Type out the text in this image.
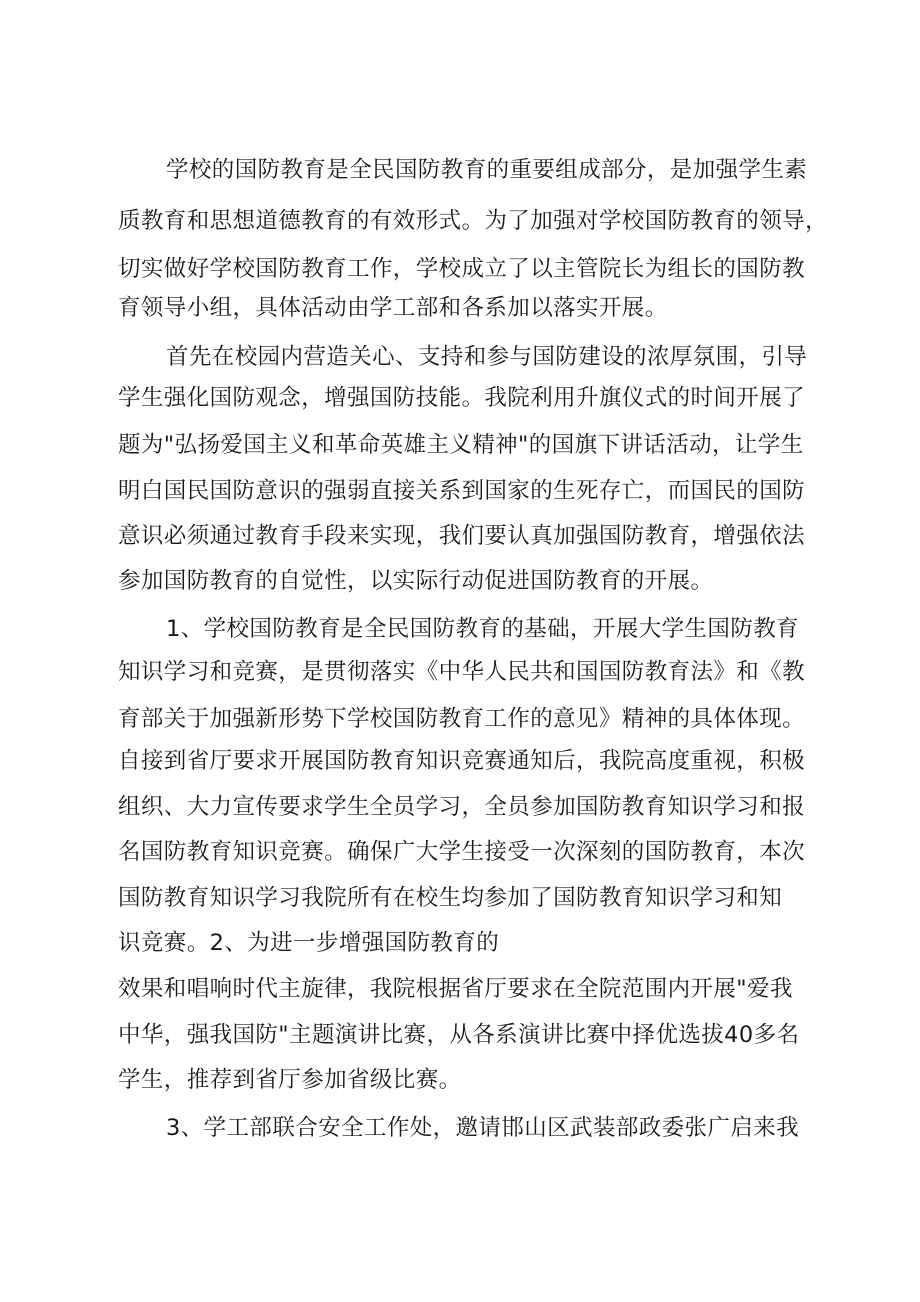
学校的国防教育是全民国防教育的重要组成部分，是加强学生素
质教育和思想道德教育的有效形式。为了加强对学校国防教育的领导，
切实做好学校国防教育工作，学校成立了以主管院长为组长的国防教
育领导小组，具体活动由学工部和各系加以落实开展。
首先在校园内营造关心、支持和参与国防建设的浓厚氛围，引导
学生强化国防观念，增强国防技能。我院利用升旗仪式的时间开展了
题为"弘扬爱国主义和革命英雄主义精神"的国旗下讲话活动，让学生
明白国民国防意识的强弱直接关系到国家的生死存亡，而国民的国防
意识必须通过教育手段来实现，我们要认真加强国防教育，增强依法
参加国防教育的自觉性，以实际行动促进国防教育的开展。
1、学校国防教育是全民国防教育的基础，开展大学生国防教育
知识学习和竞赛，是贯彻落实《中华人民共和国国防教育法》和《教
育部关于加强新形势下学校国防教育工作的意见》精神的具体体现。
自接到省厅要求开展国防教育知识竞赛通知后，我院高度重视，积极
组织、大力宣传要求学生全员学习，全员参加国防教育知识学习和报
名国防教育知识竞赛。确保广大学生接受一次深刻的国防教育，本次
国防教育知识学习我院所有在校生均参加了国防教育知识学习和知
识竞赛。2、为进一步增强国防教育的
效果和唱响时代主旋律，我院根据省厅要求在全院范围内开展"爱我
中华，强我国防"主题演讲比赛，从各系演讲比赛中择优选拔40多名
学生，推荐到省厅参加省级比赛。
3、学工部联合安全工作处，邀请邯山区武装部政委张广启来我
